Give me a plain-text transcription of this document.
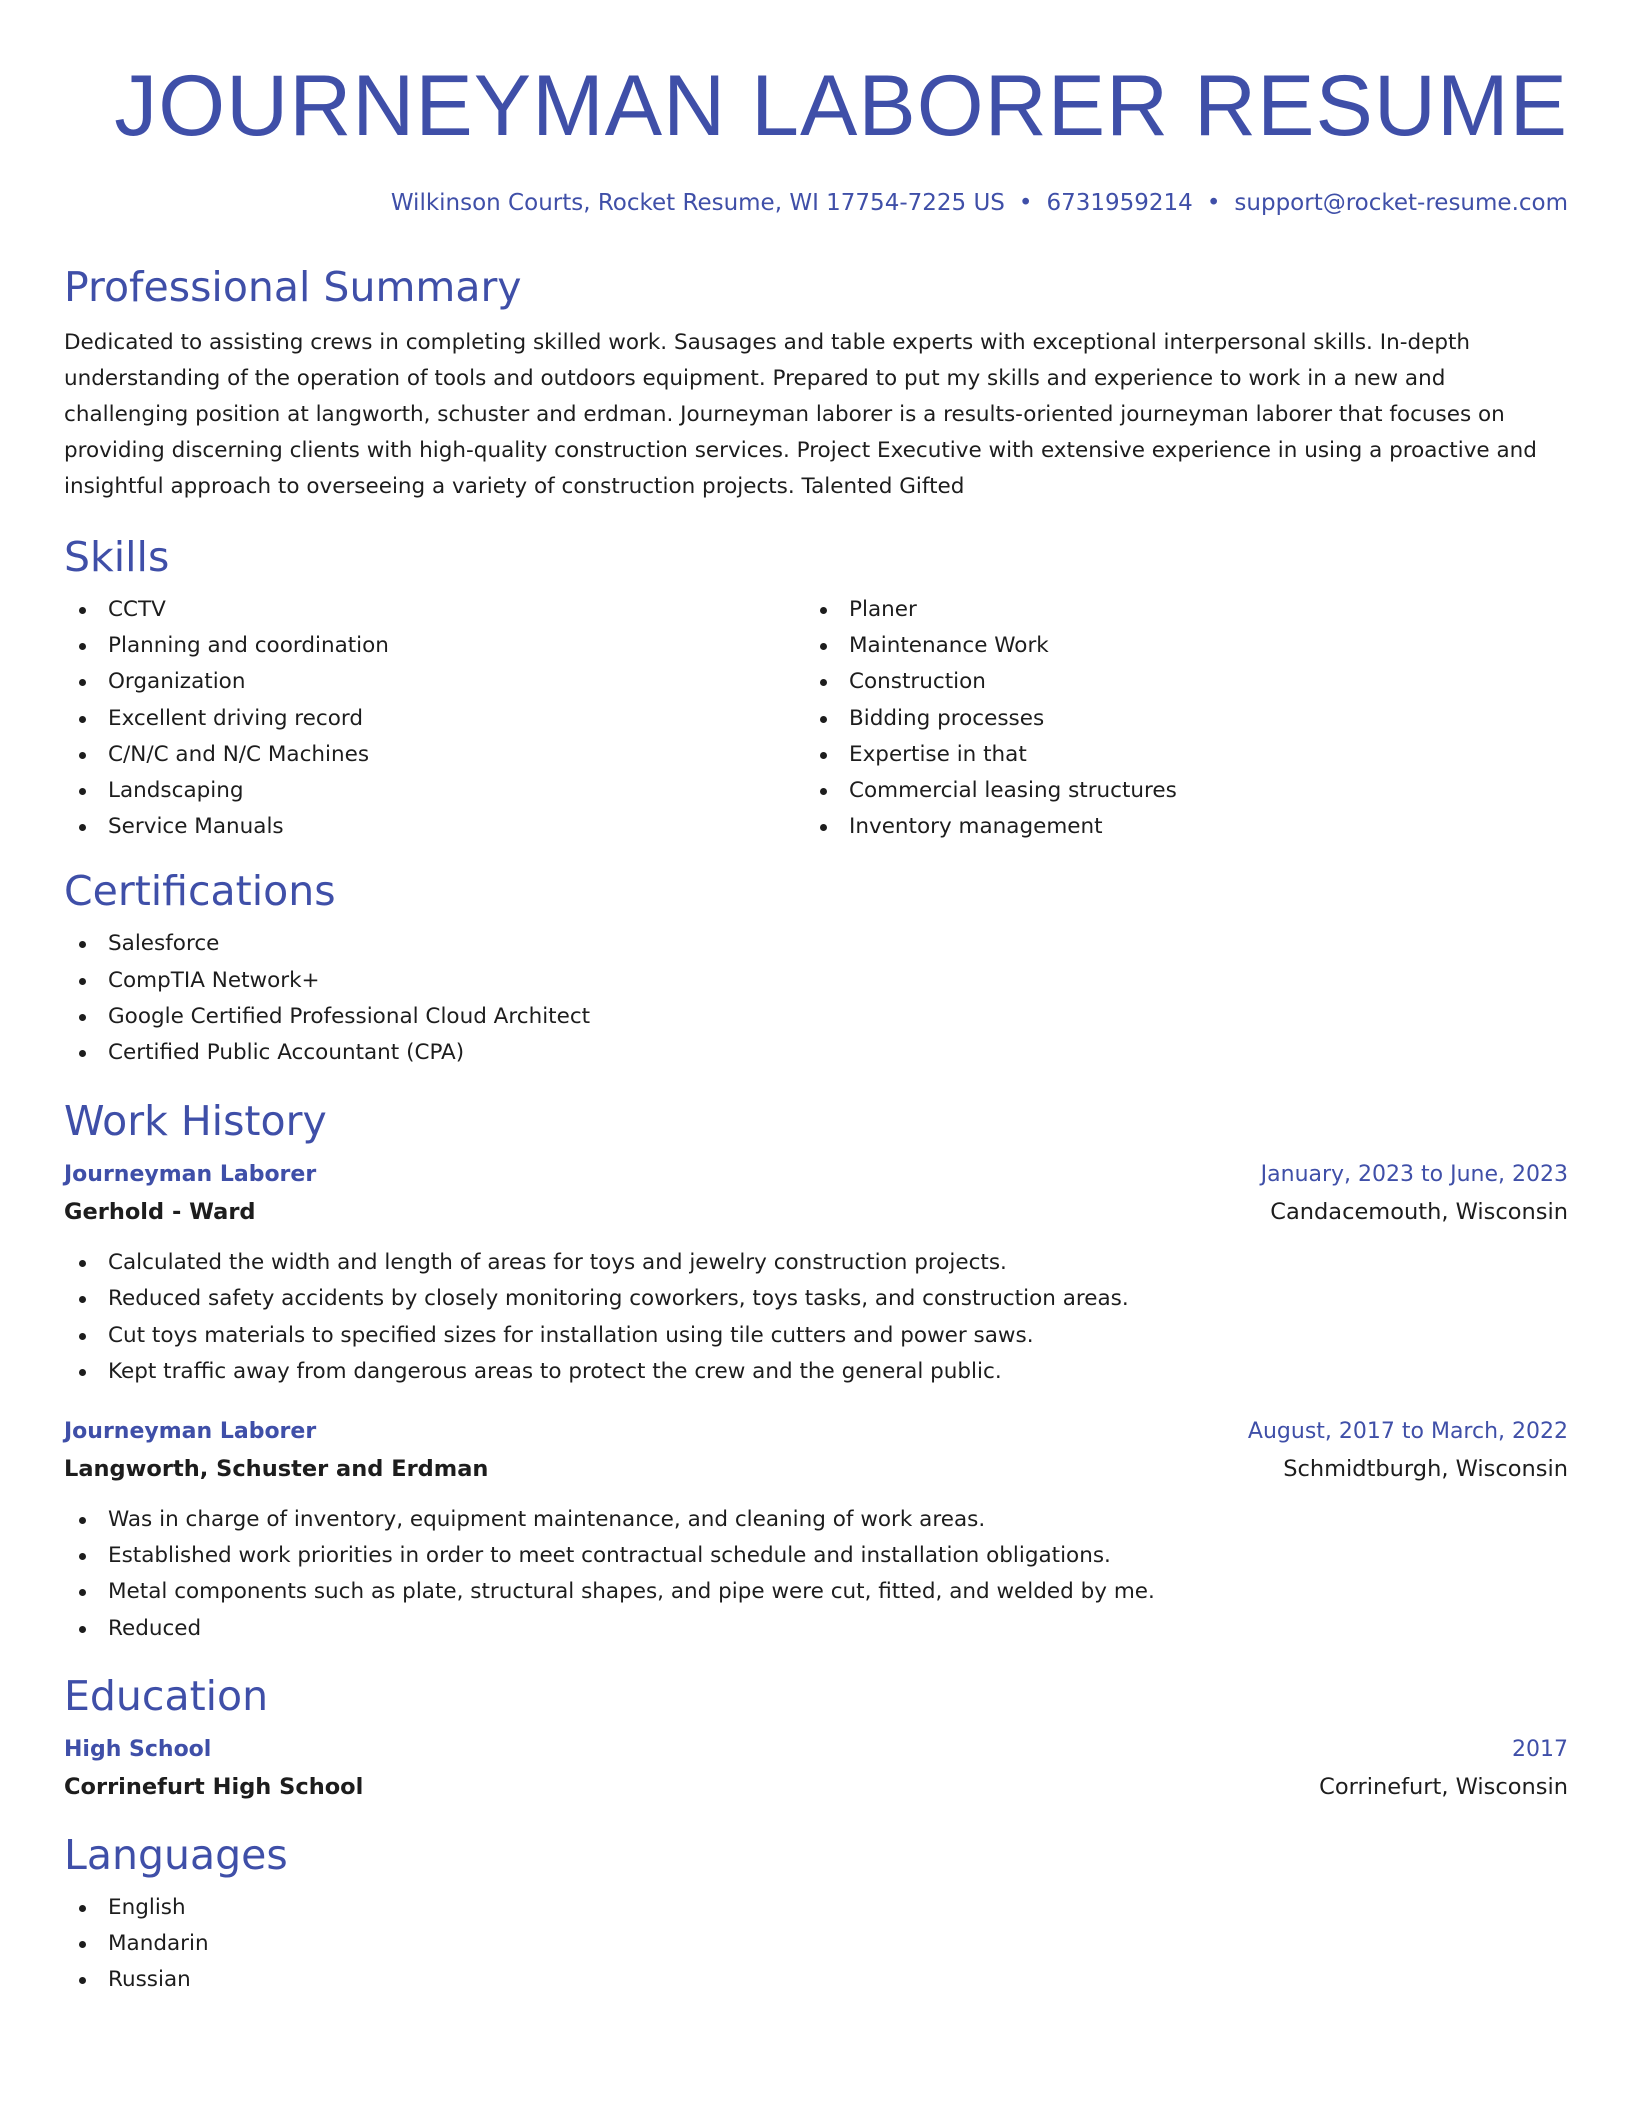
JOURNEYMAN LABORER RESUME
Wilkinson Courts, Rocket Resume, WI 17754-7225 US • 6731959214 • support@rocket-resume.com
Professional Summary

Dedicated to assisting crews in completing skilled work. Sausages and table experts with exceptional interpersonal skills. In-depth understanding of the operation of tools and outdoors equipment. Prepared to put my skills and experience to work in a new and challenging position at langworth, schuster and erdman. Journeyman laborer is a results-oriented journeyman laborer that focuses on providing discerning clients with high-quality construction services. Project Executive with extensive experience in using a proactive and insightful approach to overseeing a variety of construction projects. Talented Gifted

Skills
CCTV
Planning and coordination
Organization
Excellent driving record
C/N/C and N/C Machines
Landscaping
Service Manuals
Planer
Maintenance Work
Construction
Bidding processes
Expertise in that
Commercial leasing structures
Inventory management
Certifications
Salesforce
CompTIA Network+
Google Certified Professional Cloud Architect
Certified Public Accountant (CPA)
Work History
Journeyman Laborer	January, 2023 to June, 2023
Gerhold - Ward	Candacemouth, Wisconsin
Calculated the width and length of areas for toys and jewelry construction projects.
Reduced safety accidents by closely monitoring coworkers, toys tasks, and construction areas.
Cut toys materials to specified sizes for installation using tile cutters and power saws.
Kept traffic away from dangerous areas to protect the crew and the general public.
Journeyman Laborer	August, 2017 to March, 2022
Langworth, Schuster and Erdman	Schmidtburgh, Wisconsin
Was in charge of inventory, equipment maintenance, and cleaning of work areas.
Established work priorities in order to meet contractual schedule and installation obligations.
Metal components such as plate, structural shapes, and pipe were cut, fitted, and welded by me.
Reduced
Education
High School	2017
Corrinefurt High School	Corrinefurt, Wisconsin
Languages
English
Mandarin
Russian
